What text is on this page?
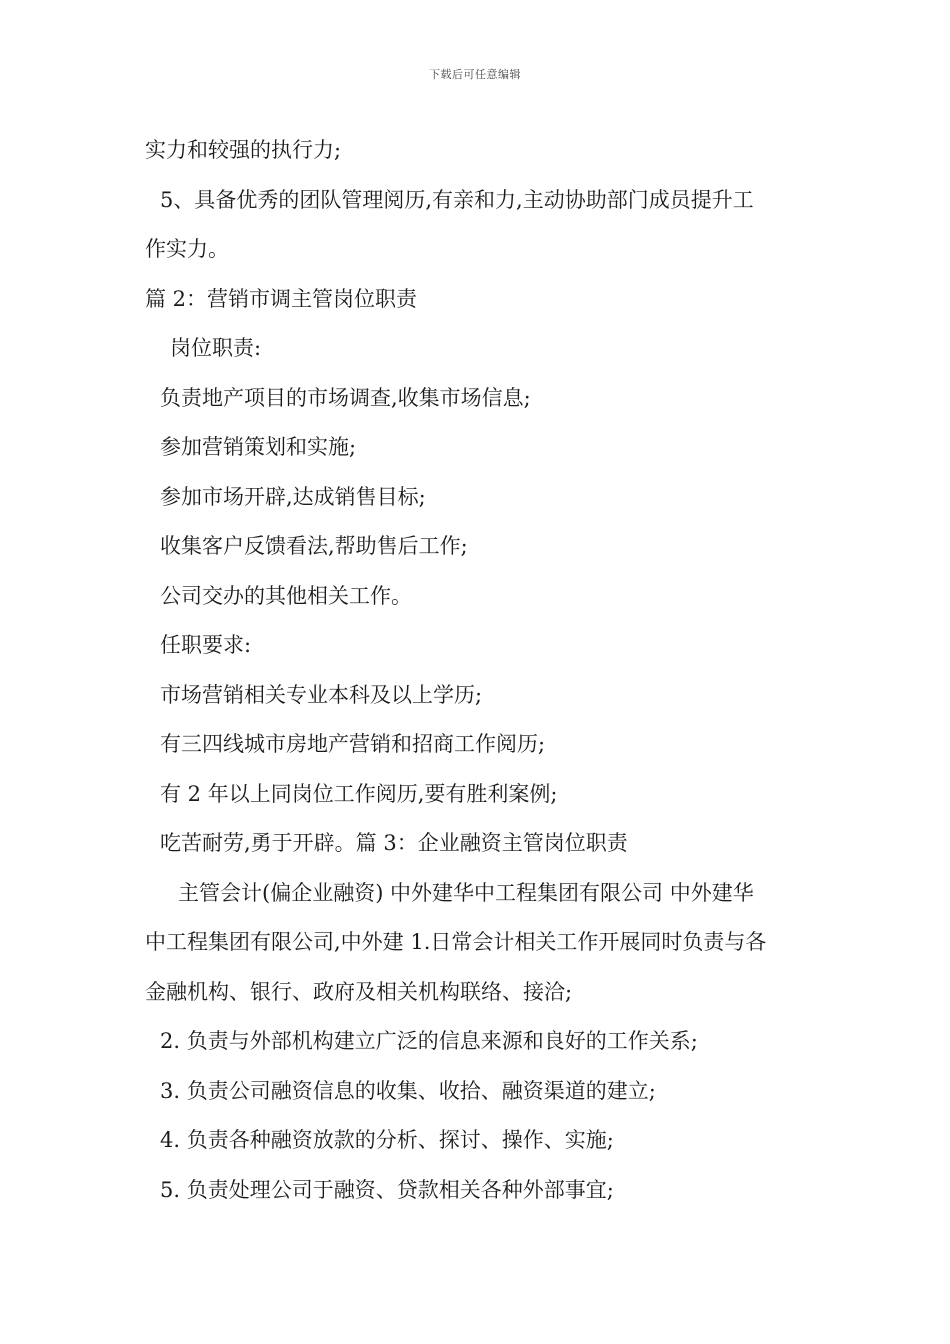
下载后可任意编辑
实力和较强的执行力;
5、具备优秀的团队管理阅历,有亲和力,主动协助部门成员提升工
作实力。
篇 2：营销市调主管岗位职责
岗位职责:
负责地产项目的市场调查,收集市场信息;
参加营销策划和实施;
参加市场开辟,达成销售目标;
收集客户反馈看法,帮助售后工作;
公司交办的其他相关工作。
任职要求:
市场营销相关专业本科及以上学历;
有三四线城市房地产营销和招商工作阅历;
有 2 年以上同岗位工作阅历,要有胜利案例;
吃苦耐劳,勇于开辟。篇 3：企业融资主管岗位职责
主管会计(偏企业融资) 中外建华中工程集团有限公司 中外建华
中工程集团有限公司,中外建 1.日常会计相关工作开展同时负责与各
金融机构、银行、政府及相关机构联络、接洽;
2. 负责与外部机构建立广泛的信息来源和良好的工作关系;
3. 负责公司融资信息的收集、收拾、融资渠道的建立;
4. 负责各种融资放款的分析、探讨、操作、实施;
5. 负责处理公司于融资、贷款相关各种外部事宜;
